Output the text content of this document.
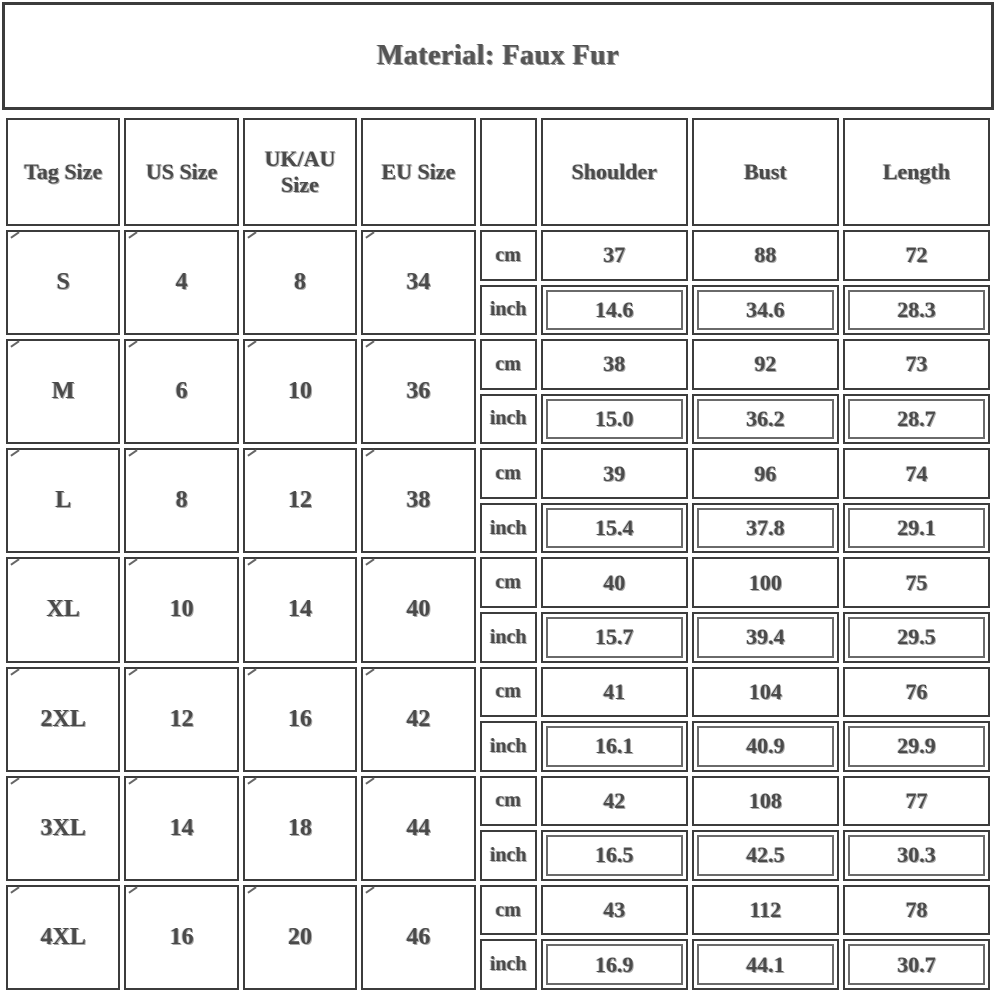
Material: Faux Fur
Tag Size	US Size	UK/AU
Size	EU Size		Shoulder	Bust	Length
S	4	8	34	cm	37	88	72
				inch	14.6	34.6	28.3
M	6	10	36	cm	38	92	73
				inch	15.0	36.2	28.7
L	8	12	38	cm	39	96	74
				inch	15.4	37.8	29.1
XL	10	14	40	cm	40	100	75
				inch	15.7	39.4	29.5
2XL	12	16	42	cm	41	104	76
				inch	16.1	40.9	29.9
3XL	14	18	44	cm	42	108	77
				inch	16.5	42.5	30.3
4XL	16	20	46	cm	43	112	78
				inch	16.9	44.1	30.7
